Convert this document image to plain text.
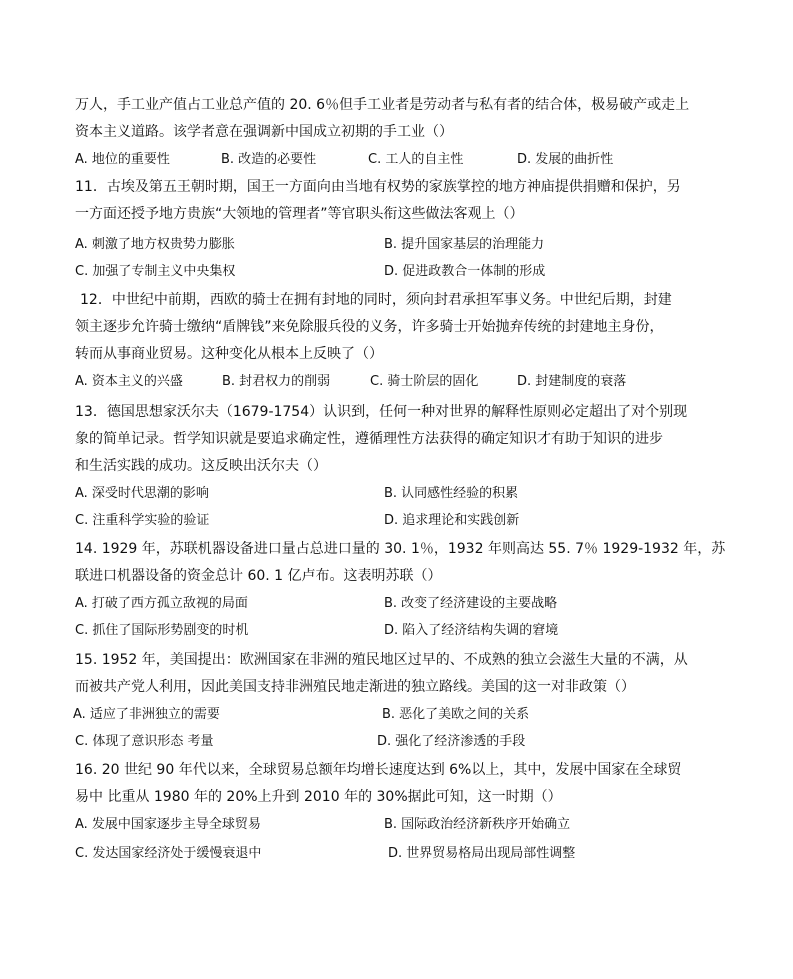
万人，手工业产值占工业总产值的 20. 6％但手工业者是劳动者与私有者的结合体，极易破产或走上
资本主义道路。该学者意在强调新中国成立初期的手工业（）
A. 地位的重要性	B. 改造的必要性	C. 工人的自主性	D. 发展的曲折性
11．古埃及第五王朝时期，国王一方面向由当地有权势的家族掌控的地方神庙提供捐赠和保护，另
一方面还授予地方贵族“大领地的管理者”等官职头衔这些做法客观上（）
A. 刺激了地方权贵势力膨胀	B. 提升国家基层的治理能力
C. 加强了专制主义中央集权	D. 促进政教合一体制的形成
12．中世纪中前期，西欧的骑士在拥有封地的同时，须向封君承担军事义务。中世纪后期，封建
领主逐步允许骑士缴纳“盾牌钱”来免除服兵役的义务，许多骑士开始抛弃传统的封建地主身份，
转而从事商业贸易。这种变化从根本上反映了（）
A. 资本主义的兴盛	B. 封君权力的削弱	C. 骑士阶层的固化	D. 封建制度的衰落
13．德国思想家沃尔夫（1679-1754）认识到，任何一种对世界的解释性原则必定超出了对个别现
象的简单记录。哲学知识就是要追求确定性，遵循理性方法获得的确定知识才有助于知识的进步
和生活实践的成功。这反映出沃尔夫（）
A. 深受时代思潮的影响	B. 认同感性经验的积累
C. 注重科学实验的验证	D. 追求理论和实践创新
14. 1929 年，苏联机器设备进口量占总进口量的 30. 1％，1932 年则高达 55. 7％ 1929-1932 年，苏
联进口机器设备的资金总计 60. 1 亿卢布。这表明苏联（）
A. 打破了西方孤立敌视的局面	B. 改变了经济建设的主要战略
C. 抓住了国际形势剧变的时机	D. 陷入了经济结构失调的窘境
15. 1952 年，美国提出：欧洲国家在非洲的殖民地区过早的、不成熟的独立会滋生大量的不满，从
而被共产党人利用，因此美国支持非洲殖民地走渐进的独立路线。美国的这一对非政策（）
A. 适应了非洲独立的需要	B. 恶化了美欧之间的关系
C. 体现了意识形态 考量	D. 强化了经济渗透的手段
16. 20 世纪 90 年代以来，全球贸易总额年均增长速度达到 6%以上，其中，发展中国家在全球贸
易中 比重从 1980 年的 20%上升到 2010 年的 30%据此可知，这一时期（）
A. 发展中国家逐步主导全球贸易	B. 国际政治经济新秩序开始确立
C. 发达国家经济处于缓慢衰退中	D. 世界贸易格局出现局部性调整
